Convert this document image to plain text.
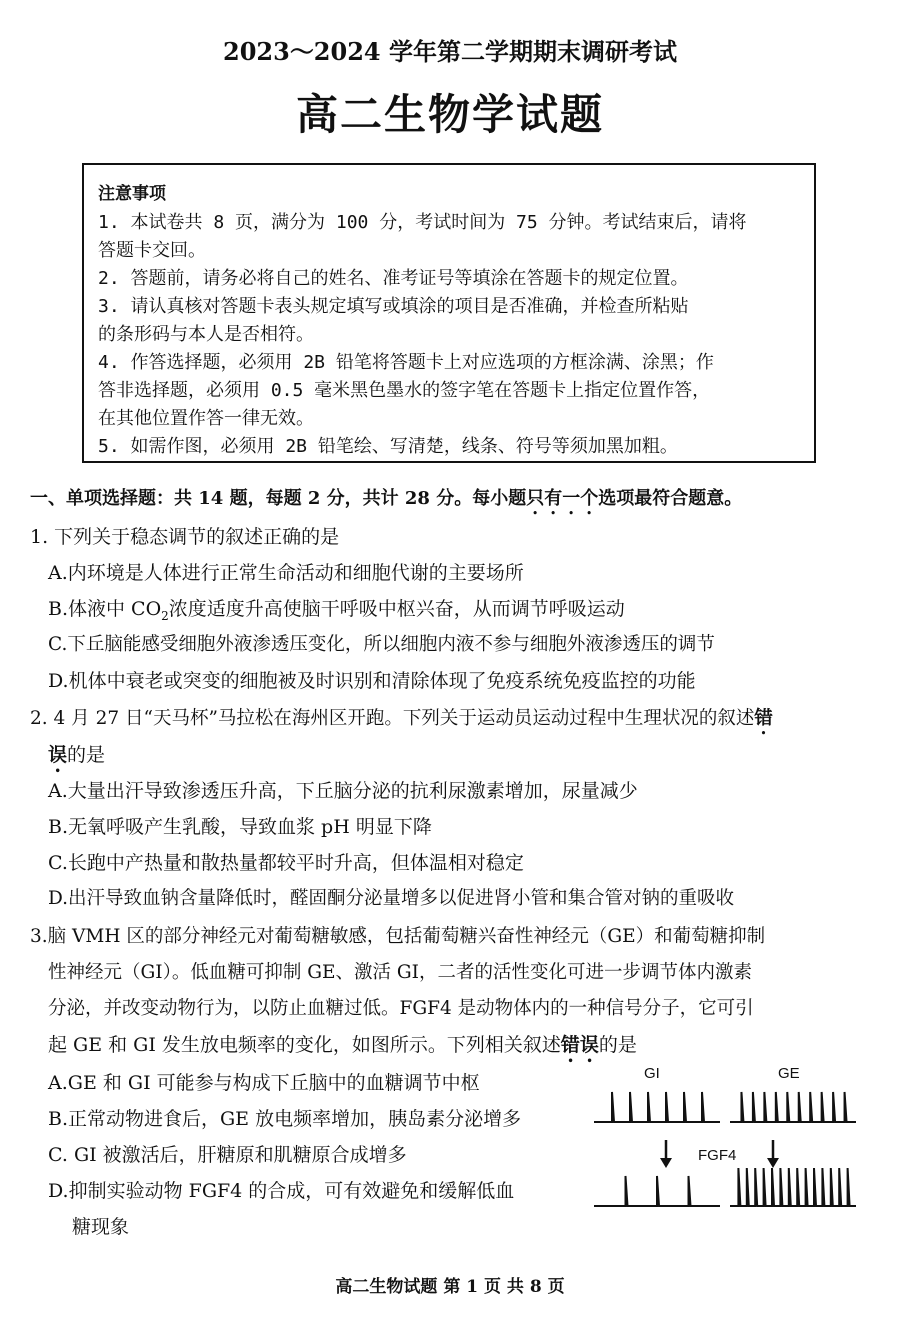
2023～2024 学年第二学期期末调研考试
高二生物学试题
注意事项
1. 本试卷共 8 页，满分为 100 分，考试时间为 75 分钟。考试结束后，请将
答题卡交回。
2. 答题前，请务必将自己的姓名、准考证号等填涂在答题卡的规定位置。
3. 请认真核对答题卡表头规定填写或填涂的项目是否准确，并检查所粘贴
的条形码与本人是否相符。
4. 作答选择题，必须用 2B 铅笔将答题卡上对应选项的方框涂满、涂黑；作
答非选择题，必须用 0.5 毫米黑色墨水的签字笔在答题卡上指定位置作答，
在其他位置作答一律无效。
5. 如需作图，必须用 2B 铅笔绘、写清楚，线条、符号等须加黑加粗。
一、单项选择题：共 14 题，每题 2 分，共计 28 分。每小题只有一个选项最符合题意。
1. 下列关于稳态调节的叙述正确的是
A.内环境是人体进行正常生命活动和细胞代谢的主要场所
B.体液中 $CO_2$浓度适度升高使脑干呼吸中枢兴奋，从而调节呼吸运动
C.下丘脑能感受细胞外液渗透压变化，所以细胞内液不参与细胞外液渗透压的调节
D.机体中衰老或突变的细胞被及时识别和清除体现了免疫系统免疫监控的功能
2. 4 月 27 日“天马杯”马拉松在海州区开跑。下列关于运动员运动过程中生理状况的叙述错
误的是
A.大量出汗导致渗透压升高，下丘脑分泌的抗利尿激素增加，尿量减少
B.无氧呼吸产生乳酸，导致血浆 pH 明显下降
C.长跑中产热量和散热量都较平时升高，但体温相对稳定
D.出汗导致血钠含量降低时，醛固酮分泌量增多以促进肾小管和集合管对钠的重吸收
3.脑 VMH 区的部分神经元对葡萄糖敏感，包括葡萄糖兴奋性神经元（GE）和葡萄糖抑制
性神经元（GI）。低血糖可抑制 GE、激活 GI，二者的活性变化可进一步调节体内激素
分泌，并改变动物行为，以防止血糖过低。FGF4 是动物体内的一种信号分子，它可引
起 GE 和 GI 发生放电频率的变化，如图所示。下列相关叙述错误的是
A.GE 和 GI 可能参与构成下丘脑中的血糖调节中枢
B.正常动物进食后，GE 放电频率增加，胰岛素分泌增多
C. GI 被激活后，肝糖原和肌糖原合成增多
D.抑制实验动物 FGF4 的合成，可有效避免和缓解低血
糖现象
GI	GE
FGF4
高二生物试题 第 1 页 共 8 页
